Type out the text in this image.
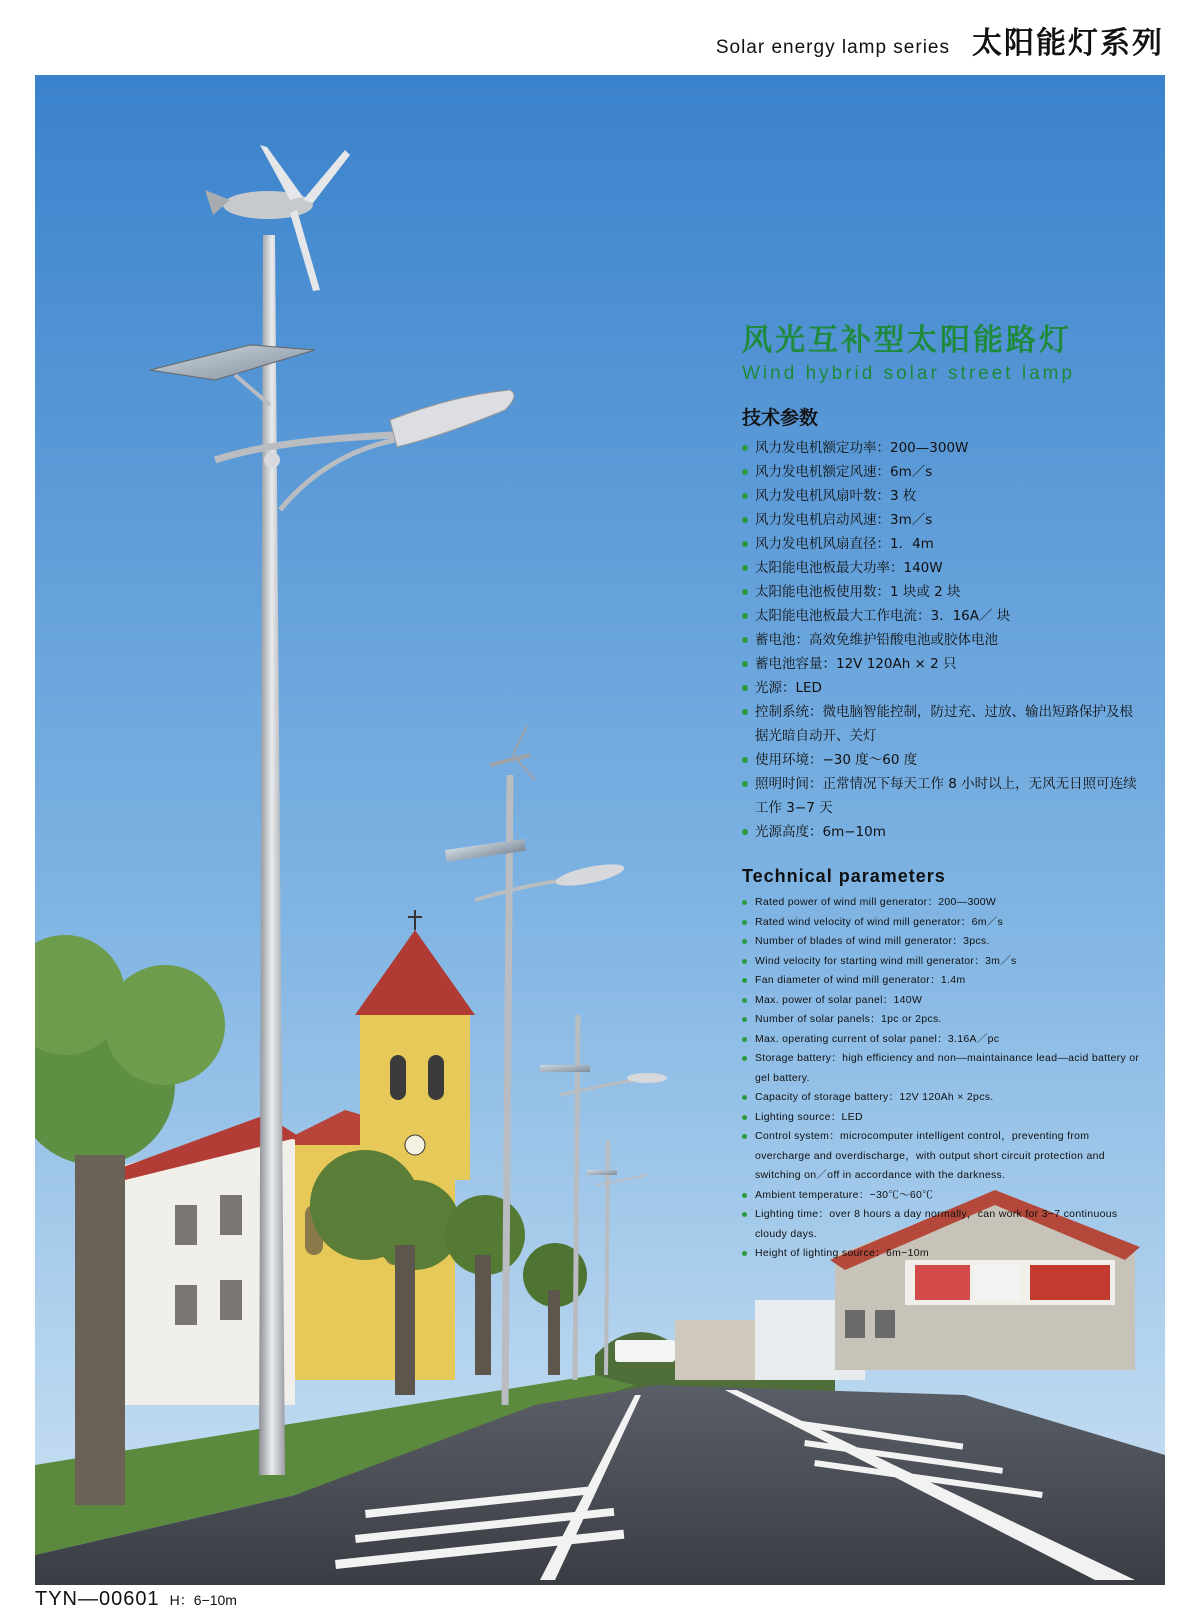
Solar energy lamp series 太阳能灯系列
风光互补型太阳能路灯
Wind hybrid solar street lamp
技术参数
风力发电机额定功率：200—300W
风力发电机额定风速：6m／s
风力发电机风扇叶数：3 枚
风力发电机启动风速：3m／s
风力发电机风扇直径：1．4m
太阳能电池板最大功率：140W
太阳能电池板使用数：1 块或 2 块
太阳能电池板最大工作电流：3．16A／ 块
蓄电池：高效免维护铅酸电池或胶体电池
蓄电池容量：12V 120Ah × 2 只
光源：LED
控制系统：微电脑智能控制，防过充、过放、输出短路保护及根据光暗自动开、关灯
使用环境：−30 度～60 度
照明时间：正常情况下每天工作 8 小时以上，无风无日照可连续工作 3−7 天
光源高度：6m−10m
Technical parameters
Rated power of wind mill generator：200—300W
Rated wind velocity of wind mill generator：6m／s
Number of blades of wind mill generator：3pcs.
Wind velocity for starting wind mill generator：3m／s
Fan diameter of wind mill generator：1.4m
Max. power of solar panel：140W
Number of solar panels：1pc or 2pcs.
Max. operating current of solar panel：3.16A／pc
Storage battery：high efficiency and non—maintainance lead—acid battery or gel battery.
Capacity of storage battery：12V 120Ah × 2pcs.
Lighting source：LED
Control system：microcomputer intelligent control，preventing from overcharge and overdischarge，with output short circuit protection and switching on／off in accordance with the darkness.
Ambient temperature：−30℃～60℃
Lighting time：over 8 hours a day normally，can work for 3−7 continuous cloudy days.
Height of lighting source：6m−10m
TYN—00601 H：6−10m
